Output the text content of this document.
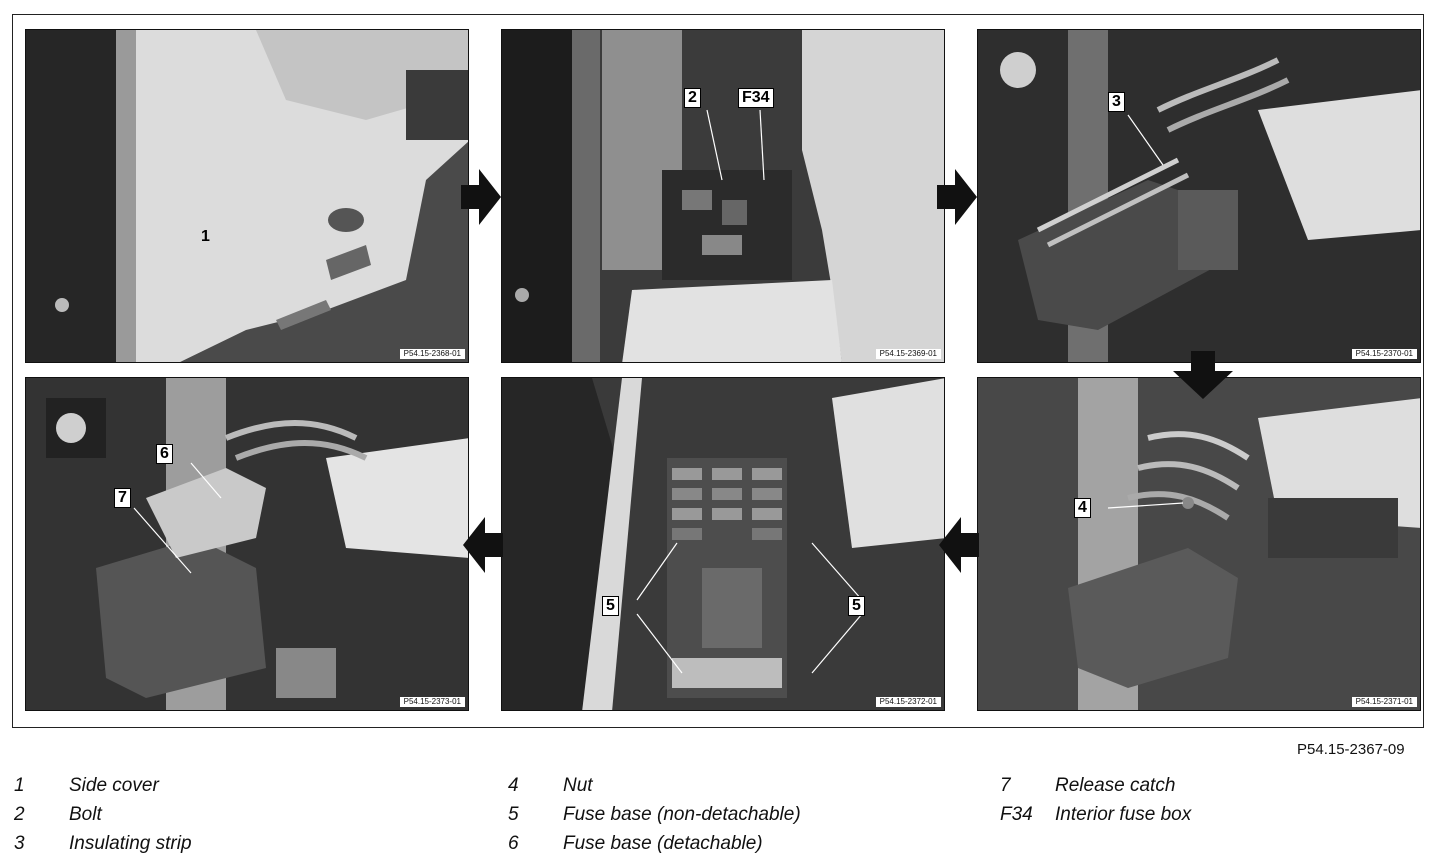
1
P54.15-2368-01
2	F34
P54.15-2369-01
3
P54.15-2370-01
6
7
P54.15-2373-01
5	5
P54.15-2372-01
4
P54.15-2371-01
P54.15-2367-09
1	Side cover
2	Bolt
3	Insulating strip
4	Nut
5	Fuse base (non-detachable)
6	Fuse base (detachable)
7	Release catch
F34	Interior fuse box
